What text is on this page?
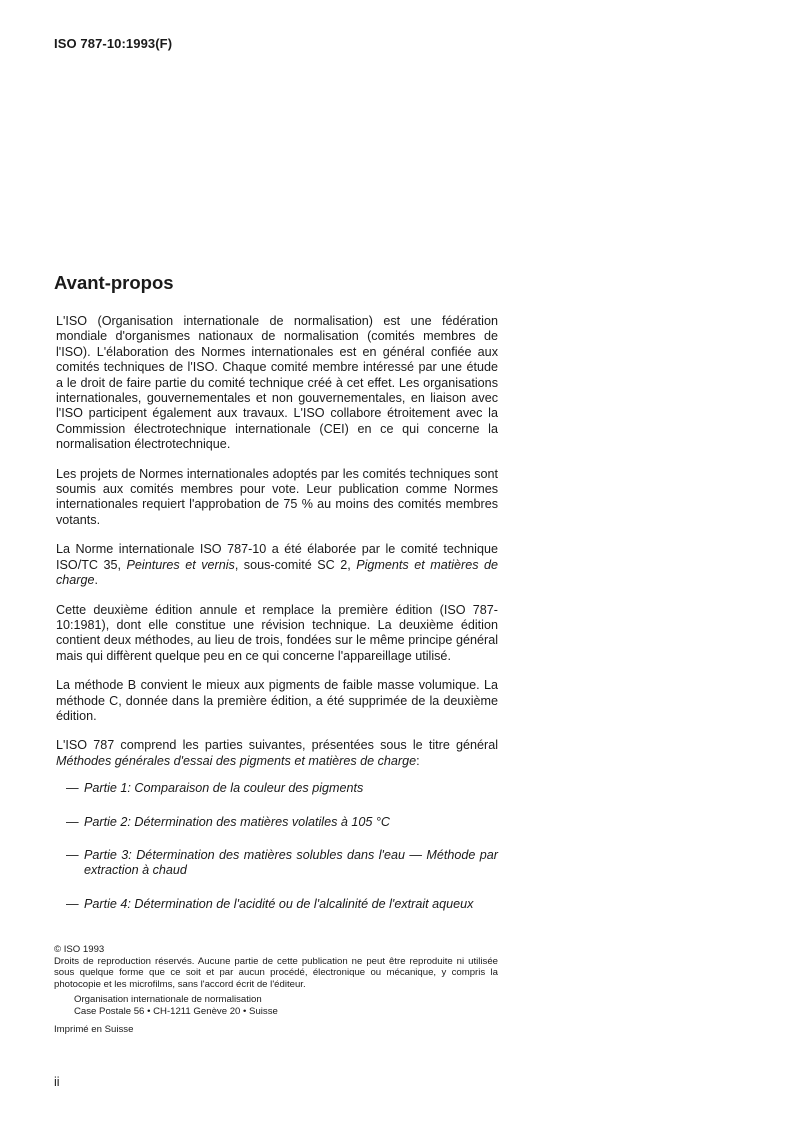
ISO 787-10:1993(F)
Avant-propos

L'ISO (Organisation internationale de normalisation) est une fédération mondiale d'organismes nationaux de normalisation (comités membres de l'ISO). L'élaboration des Normes internationales est en général confiée aux comités techniques de l'ISO. Chaque comité membre intéressé par une étude a le droit de faire partie du comité technique créé à cet effet. Les organisations internationales, gouvernementales et non gouvernementales, en liaison avec l'ISO participent également aux travaux. L'ISO collabore étroitement avec la Commission électrotechnique internationale (CEI) en ce qui concerne la normalisation électrotechnique.

Les projets de Normes internationales adoptés par les comités techniques sont soumis aux comités membres pour vote. Leur publication comme Normes internationales requiert l'approbation de 75 % au moins des comités membres votants.

La Norme internationale ISO 787-10 a été élaborée par le comité technique ISO/TC 35, Peintures et vernis, sous-comité SC 2, Pigments et matières de charge.

Cette deuxième édition annule et remplace la première édition (ISO 787-10:1981), dont elle constitue une révision technique. La deuxième édition contient deux méthodes, au lieu de trois, fondées sur le même principe général mais qui diffèrent quelque peu en ce qui concerne l'appareillage utilisé.

La méthode B convient le mieux aux pigments de faible masse volumique. La méthode C, donnée dans la première édition, a été supprimée de la deuxième édition.

L'ISO 787 comprend les parties suivantes, présentées sous le titre général Méthodes générales d'essai des pigments et matières de charge:

— Partie 1: Comparaison de la couleur des pigments
— Partie 2: Détermination des matières volatiles à 105 °C
— Partie 3: Détermination des matières solubles dans l'eau — Méthode par extraction à chaud
— Partie 4: Détermination de l'acidité ou de l'alcalinité de l'extrait aqueux
© ISO 1993
Droits de reproduction réservés. Aucune partie de cette publication ne peut être reproduite ni utilisée sous quelque forme que ce soit et par aucun procédé, électronique ou mécanique, y compris la photocopie et les microfilms, sans l'accord écrit de l'éditeur.
Organisation internationale de normalisation
Case Postale 56 • CH-1211 Genève 20 • Suisse
Imprimé en Suisse
ii
